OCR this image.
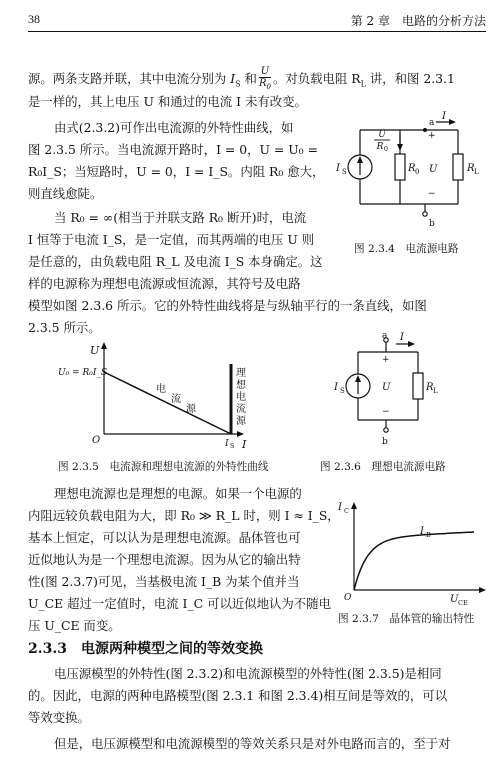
38	第 2 章　电路的分析方法
源。两条支路并联，其中电流分别为 $I_S$ 和 $\frac{U}{R_0}$ 。对负载电阻 $R_L$ 讲，和图 2.3.1
是一样的，其上电压 U 和通过的电流 I 未有改变。
由式(2.3.2)可作出电流源的外特性曲线，如
图 2.3.5 所示。当电流源开路时，I = 0，U = U₀ =
R₀I_S；当短路时，U = 0，I = I_S。内阻 R₀ 愈大，
则直线愈陡。
当 R₀ = ∞(相当于并联支路 R₀ 断开)时，电流
I 恒等于电流 I_S，是一定值，而其两端的电压 U 则
是任意的，由负载电阻 R_L 及电流 I_S 本身确定。这
样的电源称为理想电流源或恒流源，其符号及电路
模型如图 2.3.6 所示。它的外特性曲线将是与纵轴平行的一条直线，如图
2.3.5 所示。
U
R 0
a
b
I
I S	R 0
+
−
U	R L
图 2.3.4　电流源电路
U
I
O
U₀ = R₀I_S
I S
电
流
源
理
想
电
流
源
图 2.3.5　电流源和理想电流源的外特性曲线
a
b
I
I S
+
−
U	R L
图 2.3.6　理想电流源电路
理想电流源也是理想的电源。如果一个电源的
内阻远较负载电阻为大，即 R₀ ≫ R_L 时，则 I ≈ I_S，
基本上恒定，可以认为是理想电流源。晶体管也可
近似地认为是一个理想电流源。因为从它的输出特
性(图 2.3.7)可见，当基极电流 I_B 为某个值并当
U_CE 超过一定值时，电流 I_C 可以近似地认为不随电
压 U_CE 而变。
I C
U CE
I B
O
图 2.3.7　晶体管的输出特性
2.3.3　 电源两种模型之间的等效变换
电压源模型的外特性(图 2.3.2)和电流源模型的外特性(图 2.3.5)是相同
的。因此，电源的两种电路模型(图 2.3.1 和图 2.3.4)相互间是等效的，可以
等效变换。
但是，电压源模型和电流源模型的等效关系只是对外电路而言的，至于对
